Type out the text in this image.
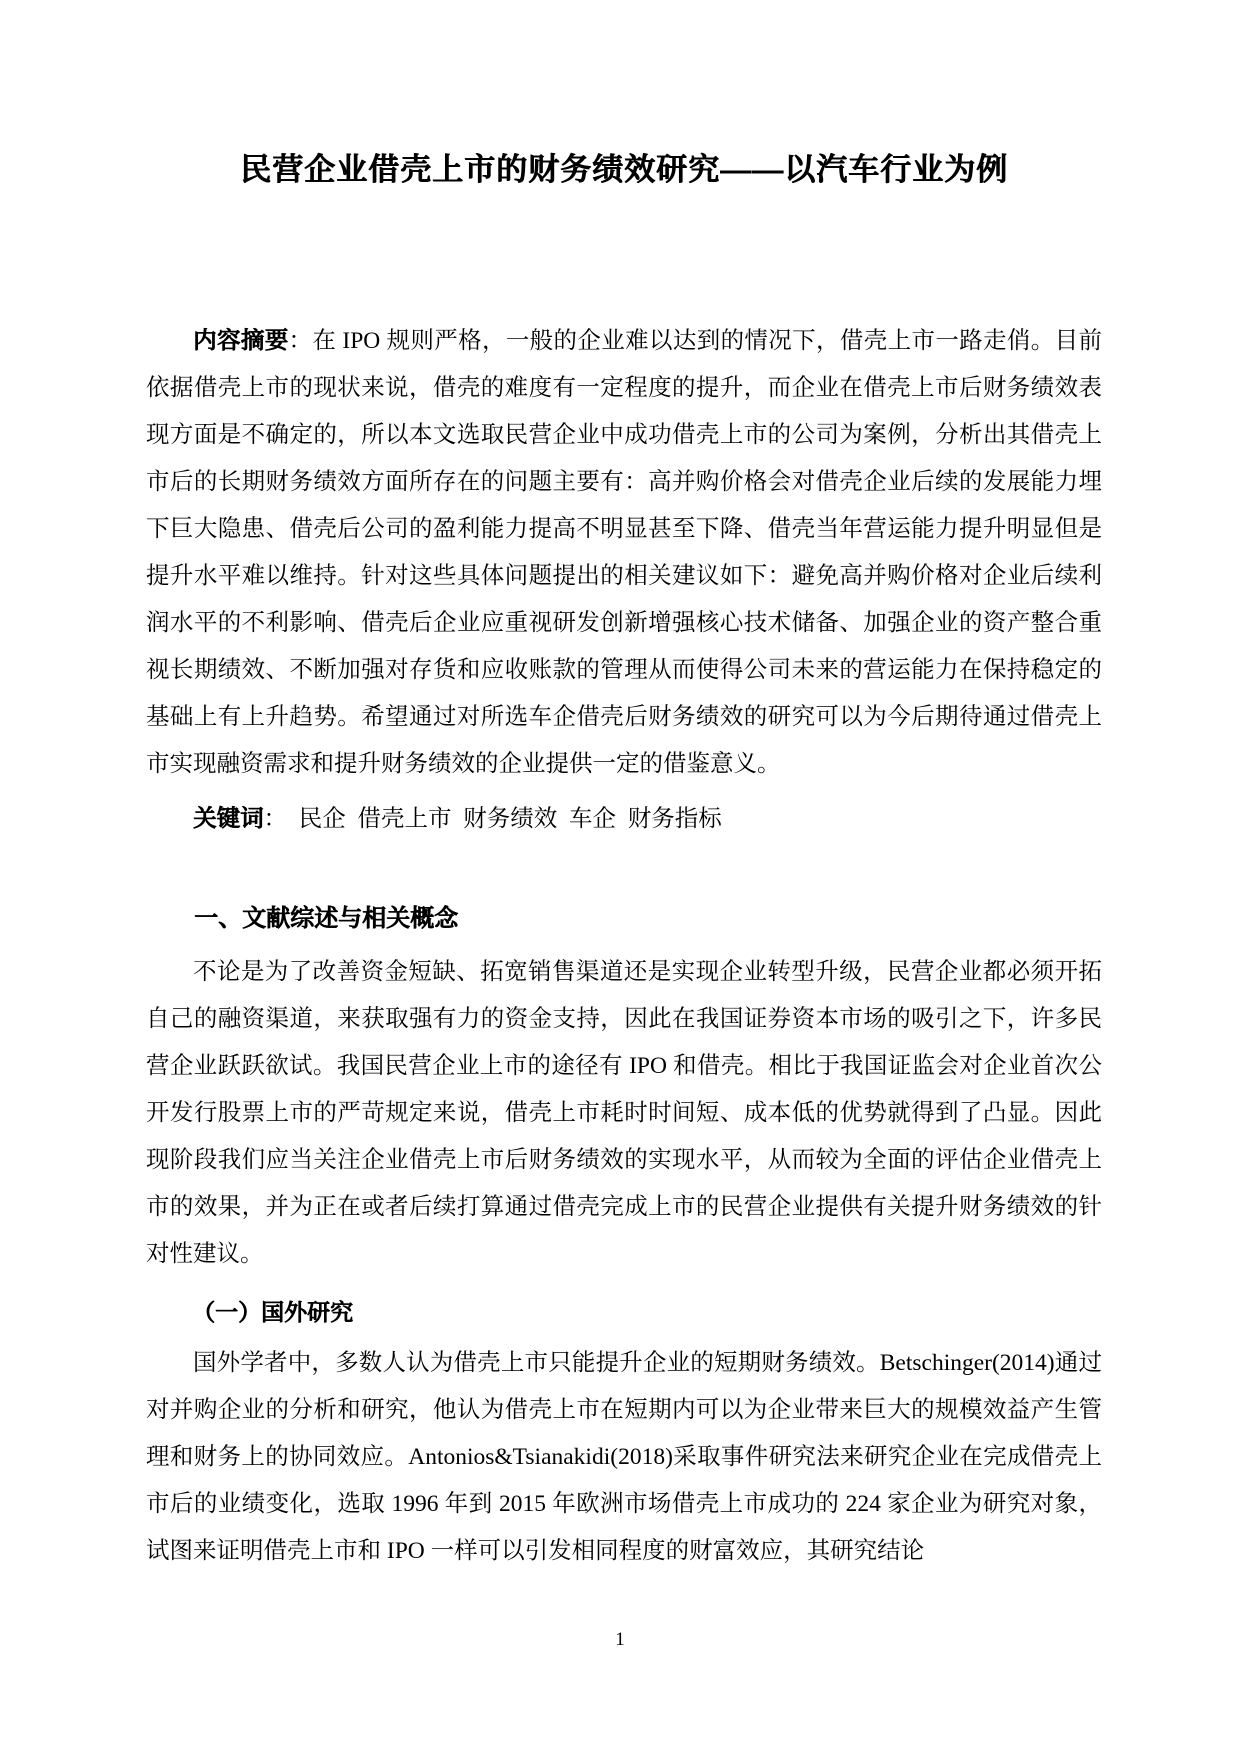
民营企业借壳上市的财务绩效研究——以汽车行业为例

内容摘要：在 IPO 规则严格，一般的企业难以达到的情况下，借壳上市一路走俏。目前依据借壳上市的现状来说，借壳的难度有一定程度的提升，而企业在借壳上市后财务绩效表现方面是不确定的，所以本文选取民营企业中成功借壳上市的公司为案例，分析出其借壳上市后的长期财务绩效方面所存在的问题主要有：高并购价格会对借壳企业后续的发展能力埋下巨大隐患、借壳后公司的盈利能力提高不明显甚至下降、借壳当年营运能力提升明显但是提升水平难以维持。针对这些具体问题提出的相关建议如下：避免高并购价格对企业后续利润水平的不利影响、借壳后企业应重视研发创新增强核心技术储备、加强企业的资产整合重视长期绩效、不断加强对存货和应收账款的管理从而使得公司未来的营运能力在保持稳定的基础上有上升趋势。希望通过对所选车企借壳后财务绩效的研究可以为今后期待通过借壳上市实现融资需求和提升财务绩效的企业提供一定的借鉴意义。

关键词：  民企  借壳上市  财务绩效  车企  财务指标

一、文献综述与相关概念

不论是为了改善资金短缺、拓宽销售渠道还是实现企业转型升级，民营企业都必须开拓自己的融资渠道，来获取强有力的资金支持，因此在我国证券资本市场的吸引之下，许多民营企业跃跃欲试。我国民营企业上市的途径有 IPO 和借壳。相比于我国证监会对企业首次公开发行股票上市的严苛规定来说，借壳上市耗时时间短、成本低的优势就得到了凸显。因此现阶段我们应当关注企业借壳上市后财务绩效的实现水平，从而较为全面的评估企业借壳上市的效果，并为正在或者后续打算通过借壳完成上市的民营企业提供有关提升财务绩效的针对性建议。

（一）国外研究

国外学者中，多数人认为借壳上市只能提升企业的短期财务绩效。Betschinger(2014)通过对并购企业的分析和研究，他认为借壳上市在短期内可以为企业带来巨大的规模效益产生管理和财务上的协同效应。Antonios&Tsianakidi(2018)采取事件研究法来研究企业在完成借壳上市后的业绩变化，选取 1996 年到 2015 年欧洲市场借壳上市成功的 224 家企业为研究对象，试图来证明借壳上市和 IPO 一样可以引发相同程度的财富效应，其研究结论

1
